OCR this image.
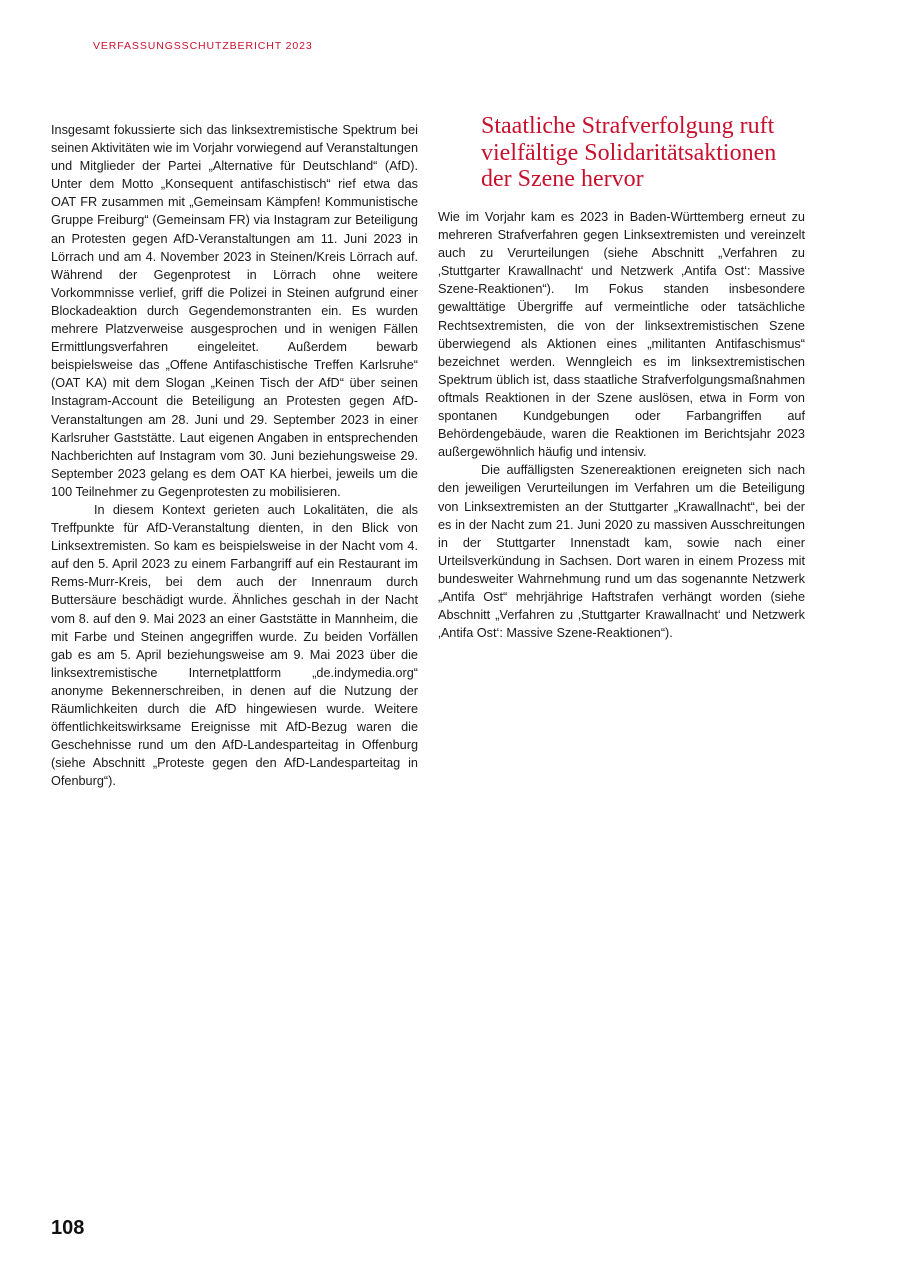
VERFASSUNGSSCHUTZBERICHT 2023

Insgesamt fokussierte sich das linksextremistische Spektrum bei seinen Aktivitäten wie im Vorjahr vorwiegend auf Veranstaltungen und Mitglieder der Partei „Alternative für Deutschland“ (AfD). Unter dem Motto „Konsequent antifaschistisch“ rief etwa das OAT FR zusammen mit „Gemeinsam Kämpfen! Kommunistische Gruppe Freiburg“ (Gemeinsam FR) via Instagram zur Beteiligung an Protesten gegen AfD-Veranstaltungen am 11. Juni 2023 in Lörrach und am 4. November 2023 in Steinen/Kreis Lörrach auf. Während der Gegenprotest in Lörrach ohne weitere Vorkommnisse verlief, griff die Polizei in Steinen aufgrund einer Blockadeaktion durch Gegendemonstranten ein. Es wurden mehrere Platzverweise ausgesprochen und in wenigen Fällen Ermittlungsverfahren eingeleitet. Außerdem bewarb beispielsweise das „Offene Antifaschistische Treffen Karlsruhe“ (OAT KA) mit dem Slogan „Keinen Tisch der AfD“ über seinen Instagram-Account die Beteiligung an Protesten gegen AfD-Veranstaltungen am 28. Juni und 29. September 2023 in einer Karlsruher Gaststätte. Laut eigenen Angaben in entsprechenden Nachberichten auf Instagram vom 30. Juni beziehungsweise 29. September 2023 gelang es dem OAT KA hierbei, jeweils um die 100 Teilnehmer zu Gegenprotesten zu mobilisieren.

In diesem Kontext gerieten auch Lokalitäten, die als Treffpunkte für AfD-Veranstaltung dienten, in den Blick von Linksextremisten. So kam es beispielsweise in der Nacht vom 4. auf den 5. April 2023 zu einem Farbangriff auf ein Restaurant im Rems-Murr-Kreis, bei dem auch der Innenraum durch Buttersäure beschädigt wurde. Ähnliches geschah in der Nacht vom 8. auf den 9. Mai 2023 an einer Gaststätte in Mannheim, die mit Farbe und Steinen angegriffen wurde. Zu beiden Vorfällen gab es am 5. April beziehungsweise am 9. Mai 2023 über die linksextremistische Internetplattform „de.indymedia.org“ anonyme Bekennerschreiben, in denen auf die Nutzung der Räumlichkeiten durch die AfD hingewiesen wurde. Weitere öffentlichkeitswirksame Ereignisse mit AfD-Bezug waren die Geschehnisse rund um den AfD-Landesparteitag in Offenburg (siehe Abschnitt „Proteste gegen den AfD-Landesparteitag in Ofenburg“).

Staatliche Strafverfolgung ruft vielfältige Solidaritätsaktionen der Szene hervor

Wie im Vorjahr kam es 2023 in Baden-Württemberg erneut zu mehreren Strafverfahren gegen Linksextremisten und vereinzelt auch zu Verurteilungen (siehe Abschnitt „Verfahren zu ‚Stuttgarter Krawallnacht‘ und Netzwerk ‚Antifa Ost‘: Massive Szene-Reaktionen“). Im Fokus standen insbesondere gewalttätige Übergriffe auf vermeintliche oder tatsächliche Rechtsextremisten, die von der linksextremistischen Szene überwiegend als Aktionen eines „militanten Antifaschismus“ bezeichnet werden. Wenngleich es im linksextremistischen Spektrum üblich ist, dass staatliche Strafverfolgungsmaßnahmen oftmals Reaktionen in der Szene auslösen, etwa in Form von spontanen Kundgebungen oder Farbangriffen auf Behördengebäude, waren die Reaktionen im Berichtsjahr 2023 außergewöhnlich häufig und intensiv.

Die auffälligsten Szenereaktionen ereigneten sich nach den jeweiligen Verurteilungen im Verfahren um die Beteiligung von Linksextremisten an der Stuttgarter „Krawallnacht“, bei der es in der Nacht zum 21. Juni 2020 zu massiven Ausschreitungen in der Stuttgarter Innenstadt kam, sowie nach einer Urteilsverkündung in Sachsen. Dort waren in einem Prozess mit bundesweiter Wahrnehmung rund um das sogenannte Netzwerk „Antifa Ost“ mehrjährige Haftstrafen verhängt worden (siehe Abschnitt „Verfahren zu ‚Stuttgarter Krawallnacht‘ und Netzwerk ‚Antifa Ost‘: Massive Szene-Reaktionen“).

108
